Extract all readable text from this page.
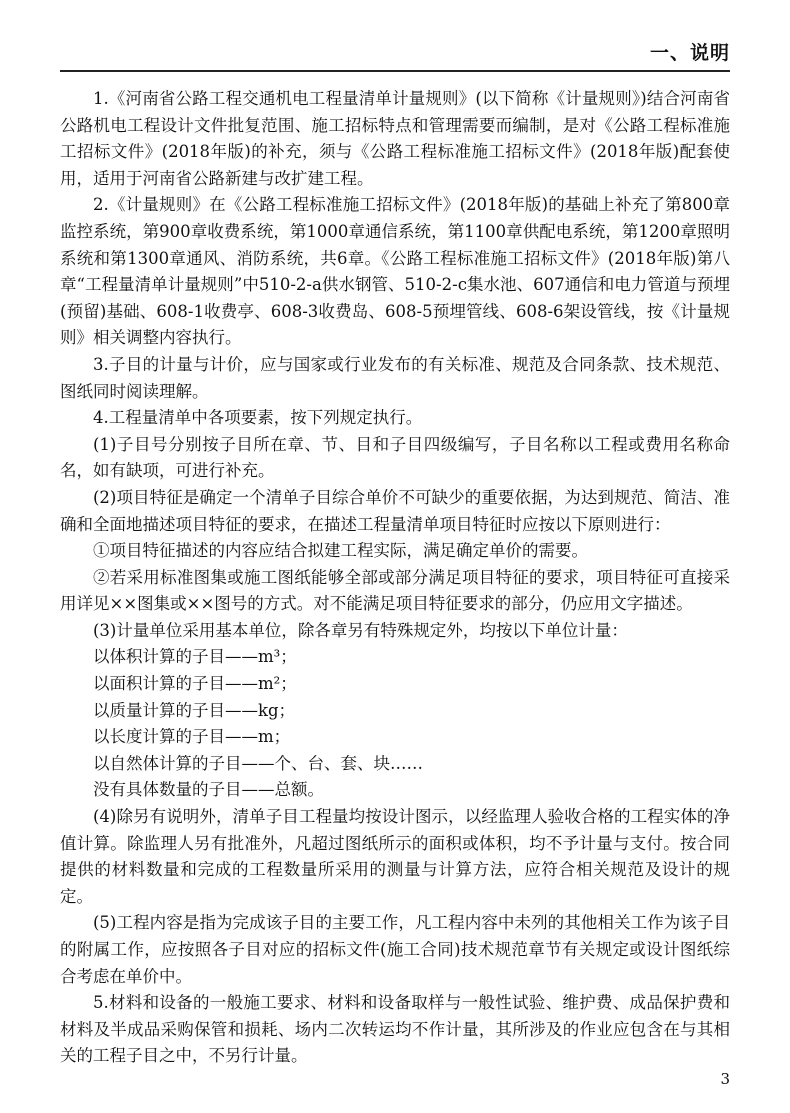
一、说明

1.《河南省公路工程交通机电工程量清单计量规则》(以下简称《计量规则》)结合河南省公路机电工程设计文件批复范围、施工招标特点和管理需要而编制，是对《公路工程标准施工招标文件》(2018年版)的补充，须与《公路工程标准施工招标文件》(2018年版)配套使用，适用于河南省公路新建与改扩建工程。

2.《计量规则》在《公路工程标准施工招标文件》(2018年版)的基础上补充了第800章监控系统，第900章收费系统，第1000章通信系统，第1100章供配电系统，第1200章照明系统和第1300章通风、消防系统，共6章。《公路工程标准施工招标文件》(2018年版)第八章“工程量清单计量规则”中510-2-a供水钢管、510-2-c集水池、607通信和电力管道与预埋(预留)基础、608-1收费亭、608-3收费岛、608-5预埋管线、608-6架设管线，按《计量规则》相关调整内容执行。

3.子目的计量与计价，应与国家或行业发布的有关标准、规范及合同条款、技术规范、图纸同时阅读理解。

4.工程量清单中各项要素，按下列规定执行。

(1)子目号分别按子目所在章、节、目和子目四级编写，子目名称以工程或费用名称命名，如有缺项，可进行补充。

(2)项目特征是确定一个清单子目综合单价不可缺少的重要依据，为达到规范、简洁、准确和全面地描述项目特征的要求，在描述工程量清单项目特征时应按以下原则进行：

①项目特征描述的内容应结合拟建工程实际，满足确定单价的需要。

②若采用标准图集或施工图纸能够全部或部分满足项目特征的要求，项目特征可直接采用详见××图集或××图号的方式。对不能满足项目特征要求的部分，仍应用文字描述。

(3)计量单位采用基本单位，除各章另有特殊规定外，均按以下单位计量：

以体积计算的子目——m³；

以面积计算的子目——m²；

以质量计算的子目——kg；

以长度计算的子目——m；

以自然体计算的子目——个、台、套、块……

没有具体数量的子目——总额。

(4)除另有说明外，清单子目工程量均按设计图示，以经监理人验收合格的工程实体的净值计算。除监理人另有批准外，凡超过图纸所示的面积或体积，均不予计量与支付。按合同提供的材料数量和完成的工程数量所采用的测量与计算方法，应符合相关规范及设计的规定。

(5)工程内容是指为完成该子目的主要工作，凡工程内容中未列的其他相关工作为该子目的附属工作，应按照各子目对应的招标文件(施工合同)技术规范章节有关规定或设计图纸综合考虑在单价中。

5.材料和设备的一般施工要求、材料和设备取样与一般性试验、维护费、成品保护费和材料及半成品采购保管和损耗、场内二次转运均不作计量，其所涉及的作业应包含在与其相关的工程子目之中，不另行计量。

3
